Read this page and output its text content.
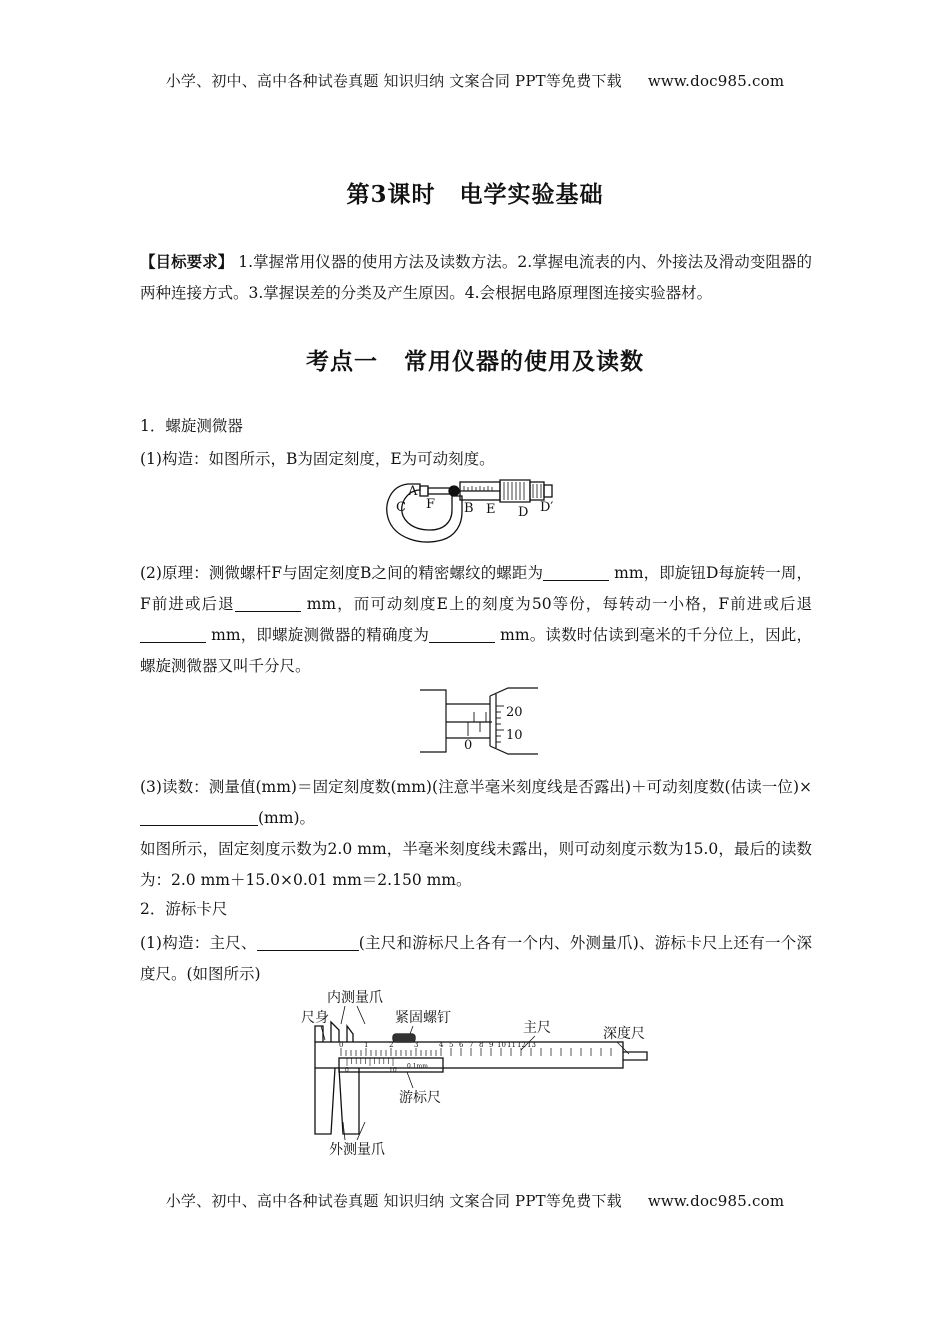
小学、初中、高中各种试卷真题 知识归纳 文案合同 PPT等免费下载 www.doc985.com
第3课时 电学实验基础
【目标要求】 1.掌握常用仪器的使用方法及读数方法。2.掌握电流表的内、外接法及滑动变阻器的两种连接方式。3.掌握误差的分类及产生原因。4.会根据电路原理图连接实验器材。
考点一 常用仪器的使用及读数
1．螺旋测微器
(1)构造：如图所示，B为固定刻度，E为可动刻度。
A
C F B E D D′
(2)原理：测微螺杆F与固定刻度B之间的精密螺纹的螺距为	mm，即旋钮D每旋转一周，F前进或后退	mm，而可动刻度E上的刻度为50等份，每转动一小格，F前进或后退 mm，即螺旋测微器的精确度为	mm。读数时估读到毫米的千分位上，因此，螺旋测微器又叫千分尺。
0
20
10
(3)读数：测量值(mm)＝固定刻度数(mm)(注意半毫米刻度线是否露出)＋可动刻度数(估读一位)×(mm)。
如图所示，固定刻度示数为2.0 mm，半毫米刻度线未露出，则可动刻度示数为15.0，最后的读数为：2.0 mm＋15.0×0.01 mm＝2.150 mm。
2．游标卡尺
(1)构造：主尺、	(主尺和游标尺上各有一个内、外测量爪)、游标卡尺上还有一个深度尺。(如图所示)
内测量爪
尺身	紧固螺钉
主尺	深度尺
游标尺
外测量爪
0	1	2	3	4 5 6 7 8 9 10 11 12 13
0	10
0.1mm
小学、初中、高中各种试卷真题 知识归纳 文案合同 PPT等免费下载 www.doc985.com
